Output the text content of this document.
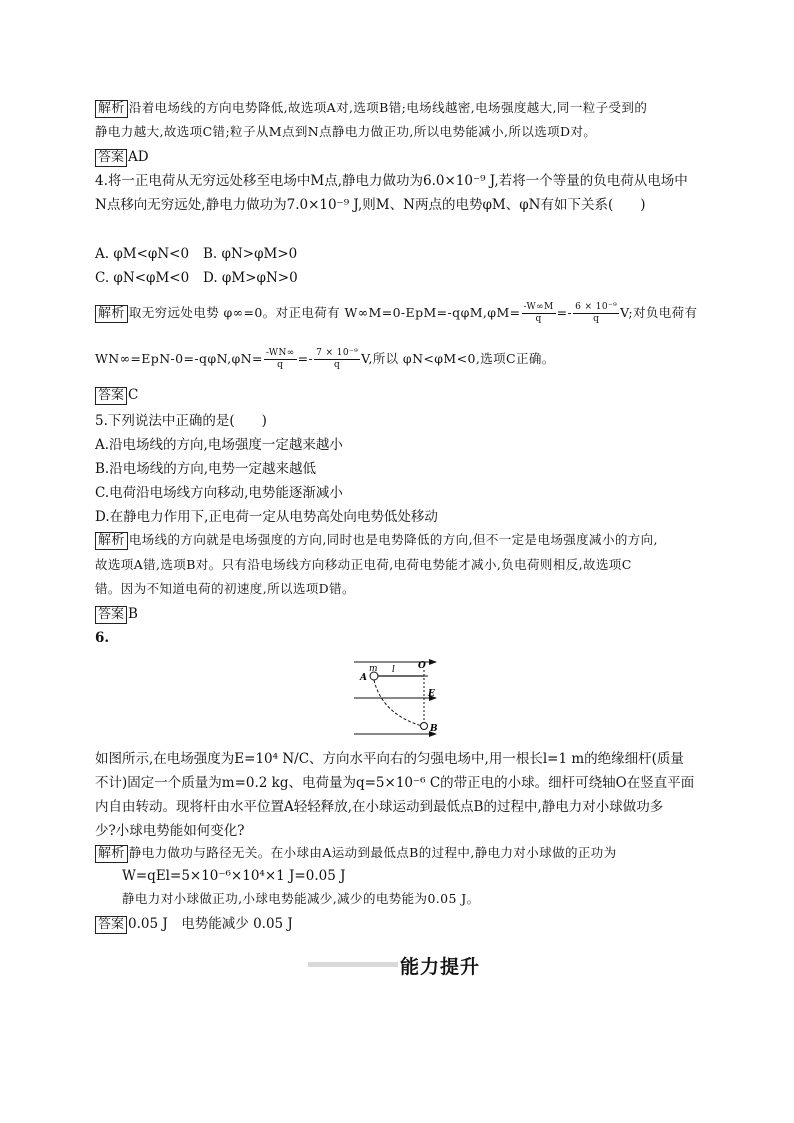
解析 沿着电场线的方向电势降低,故选项A对,选项B错;电场线越密,电场强度越大,同一粒子受到的
静电力越大,故选项C错;粒子从M点到N点静电力做正功,所以电势能减小,所以选项D对。
答案 AD
4.将一正电荷从无穷远处移至电场中M点,静电力做功为6.0×10⁻⁹ J,若将一个等量的负电荷从电场中
N点移向无穷远处,静电力做功为7.0×10⁻⁹ J,则M、N两点的电势φM、φN有如下关系(　　)
A. φM<φN<0 B. φN>φM>0
C. φN<φM<0 D. φM>φN>0
解析 取无穷远处电势 φ∞=0。对正电荷有 $W\infty M=0-EpM=-q\varphi M,\varphi M= \frac{-W\infty M}{q} =- \frac{\text{6 × 10⁻⁹}}{q} V$;对负电荷有
$WN\infty=EpN-0=-q\varphi N,\varphi N= \frac{-WN\infty}{q} =- \frac{\text{7 × 10⁻⁹}}{q} V$,所以 φN<φM<0,选项C正确。
答案 C
5.下列说法中正确的是(　　)
A.沿电场线的方向,电场强度一定越来越小
B.沿电场线的方向,电势一定越来越低
C.电荷沿电场线方向移动,电势能逐渐减小
D.在静电力作用下,正电荷一定从电势高处向电势低处移动
解析 电场线的方向就是电场强度的方向,同时也是电势降低的方向,但不一定是电场强度减小的方向,
故选项A错,选项B对。只有沿电场线方向移动正电荷,电荷电势能才减小,负电荷则相反,故选项C
错。因为不知道电荷的初速度,所以选项D错。
答案 B
6.
m l	O
A
E
B
如图所示,在电场强度为E=10⁴ N/C、方向水平向右的匀强电场中,用一根长l=1 m的绝缘细杆(质量
不计)固定一个质量为m=0.2 kg、电荷量为q=5×10⁻⁶ C的带正电的小球。细杆可绕轴O在竖直平面
内自由转动。现将杆由水平位置A轻轻释放,在小球运动到最低点B的过程中,静电力对小球做功多
少?小球电势能如何变化?
解析 静电力做功与路径无关。在小球由A运动到最低点B的过程中,静电力对小球做的正功为
W=qEl=5×10⁻⁶×10⁴×1 J=0.05 J
静电力对小球做正功,小球电势能减少,减少的电势能为0.05 J。
答案 0.05 J　电势能减少 0.05 J
能力提升
